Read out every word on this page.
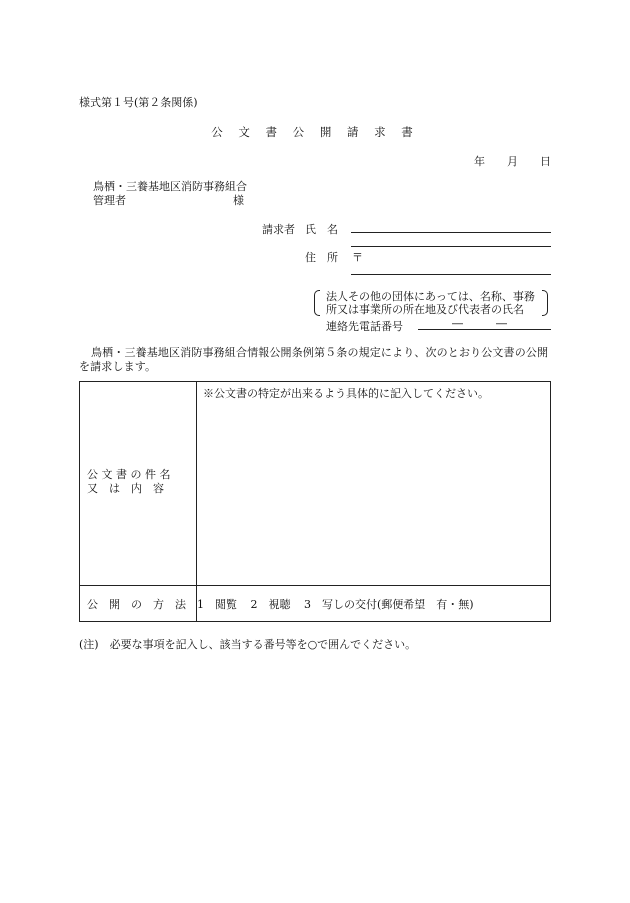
様式第１号(第２条関係)
公 文 書 公 開 請 求 書
年 月 日
鳥栖・三養基地区消防事務組合
管理者	様
請求者 氏　名
住　所 〒
法人その他の団体にあっては、名称、事務
所又は事業所の所在地及び代表者の氏名
連絡先電話番号	―	―
鳥栖・三養基地区消防事務組合情報公開条例第５条の規定により、次のとおり公文書の公開を請求します。
公 文 書 の 件 名
又　は　内　容	※公文書の特定が出来るよう具体的に記入してください。

公　開　の　方　法	1　閲覧 2　視聴 3　写しの交付(郵便希望　有・無)
(注)　必要な事項を記入し、該当する番号等を○で囲んでください。
